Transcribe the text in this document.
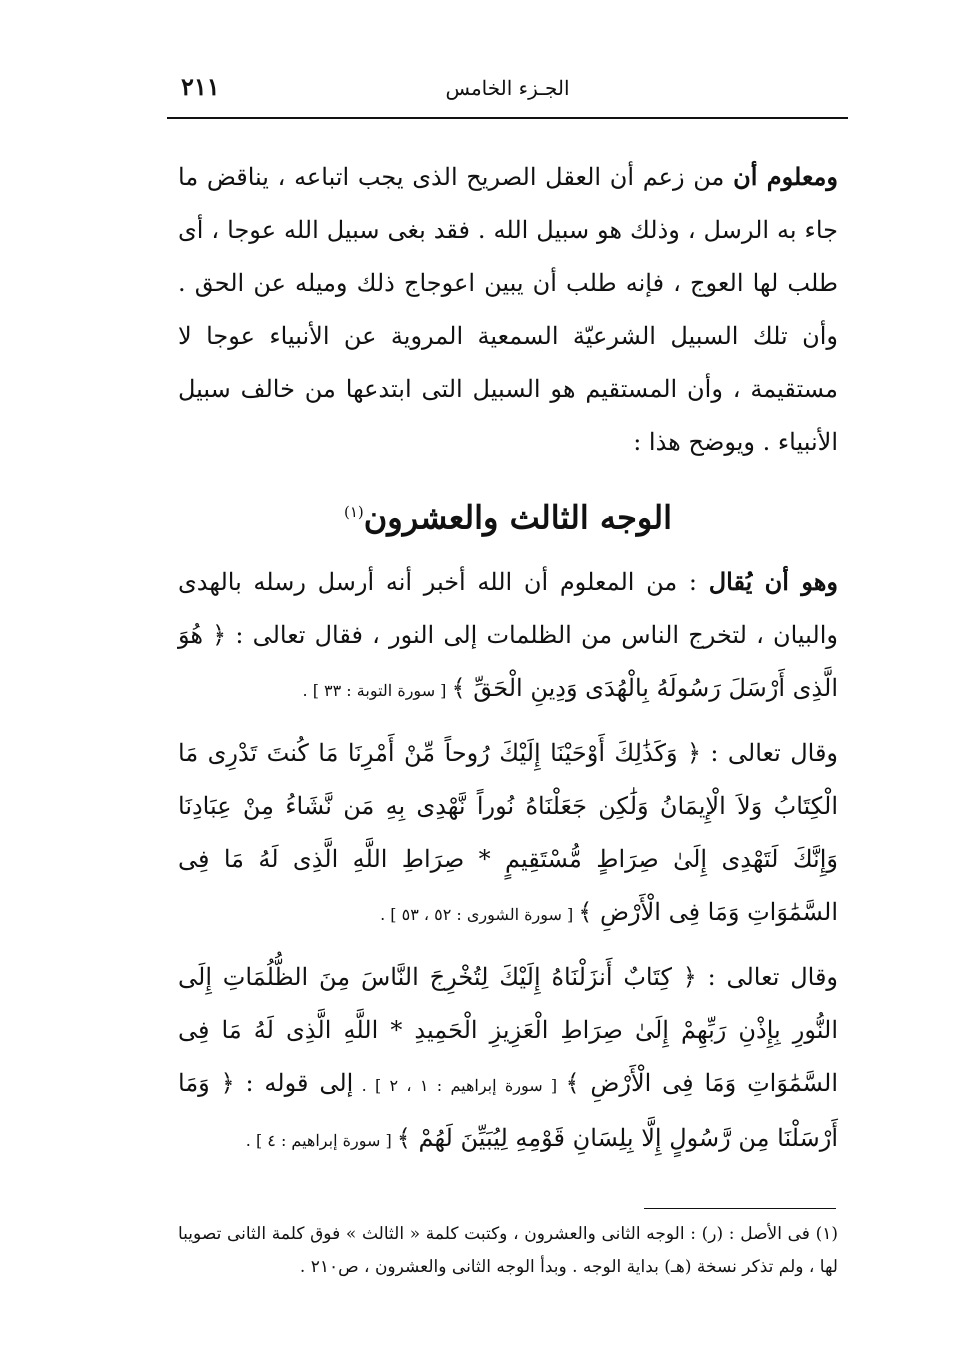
٢١١	الجـزء الخامس

ومعلوم أن من زعم أن العقل الصريح الذى يجب اتباعه ، يناقض ما جاء به الرسل ، وذلك هو سبيل الله . فقد بغى سبيل الله عوجا ، أى طلب لها العوج ، فإنه طلب أن يبين اعوجاج ذلك وميله عن الحق . وأن تلك السبيل الشرعيّة السمعية المروية عن الأنبياء عوجا لا مستقيمة ، وأن المستقيم هو السبيل التى ابتدعها من خالف سبيل الأنبياء . ويوضح هذا :

الوجه الثالث والعشرون$^{(١)}$

وهو أن يُقال : من المعلوم أن الله أخبر أنه أرسل رسله بالهدى والبيان ، لتخرج الناس من الظلمات إلى النور ، فقال تعالى : ﴿ هُوَ الَّذِى أَرْسَلَ رَسُولَهُ بِالْهُدَى وَدِينِ الْحَقِّ ﴾ [ سورة التوبة : ٣٣ ] .

وقال تعالى : ﴿ وَكَذَٰلِكَ أَوْحَيْنَا إِلَيْكَ رُوحاً مِّنْ أَمْرِنَا مَا كُنتَ تَدْرِى مَا الْكِتَابُ وَلاَ الْإِيمَانُ وَلَٰكِن جَعَلْنَاهُ نُوراً نَّهْدِى بِهِ مَن نَّشَاءُ مِنْ عِبَادِنَا وَإِنَّكَ لَتَهْدِى إِلَىٰ صِرَاطٍ مُّسْتَقِيمٍ * صِرَاطِ اللَّهِ الَّذِى لَهُ مَا فِى السَّمَٰوَاتِ وَمَا فِى الْأَرْضِ ﴾ [ سورة الشورى : ٥٢ ، ٥٣ ] .

وقال تعالى : ﴿ كِتَابٌ أَنزَلْنَاهُ إِلَيْكَ لِتُخْرِجَ النَّاسَ مِنَ الظُّلُمَاتِ إِلَى النُّورِ بِإِذْنِ رَبِّهِمْ إِلَىٰ صِرَاطِ الْعَزِيزِ الْحَمِيدِ * اللَّهِ الَّذِى لَهُ مَا فِى السَّمَٰوَاتِ وَمَا فِى الْأَرْضِ ﴾ [ سورة إبراهيم : ١ ، ٢ ] . إلى قوله : ﴿ وَمَا أَرْسَلْنَا مِن رَّسُولٍ إِلَّا بِلِسَانِ قَوْمِهِ لِيُبَيِّنَ لَهُمْ ﴾ [ سورة إبراهيم : ٤ ] .

(١) فى الأصل : (ر) : الوجه الثانى والعشرون ، وكتبت كلمة « الثالث » فوق كلمة الثانى تصويبا لها ، ولم تذكر نسخة (هـ) بداية الوجه . وبدأ الوجه الثانى والعشرون ، ص٢١٠ .
